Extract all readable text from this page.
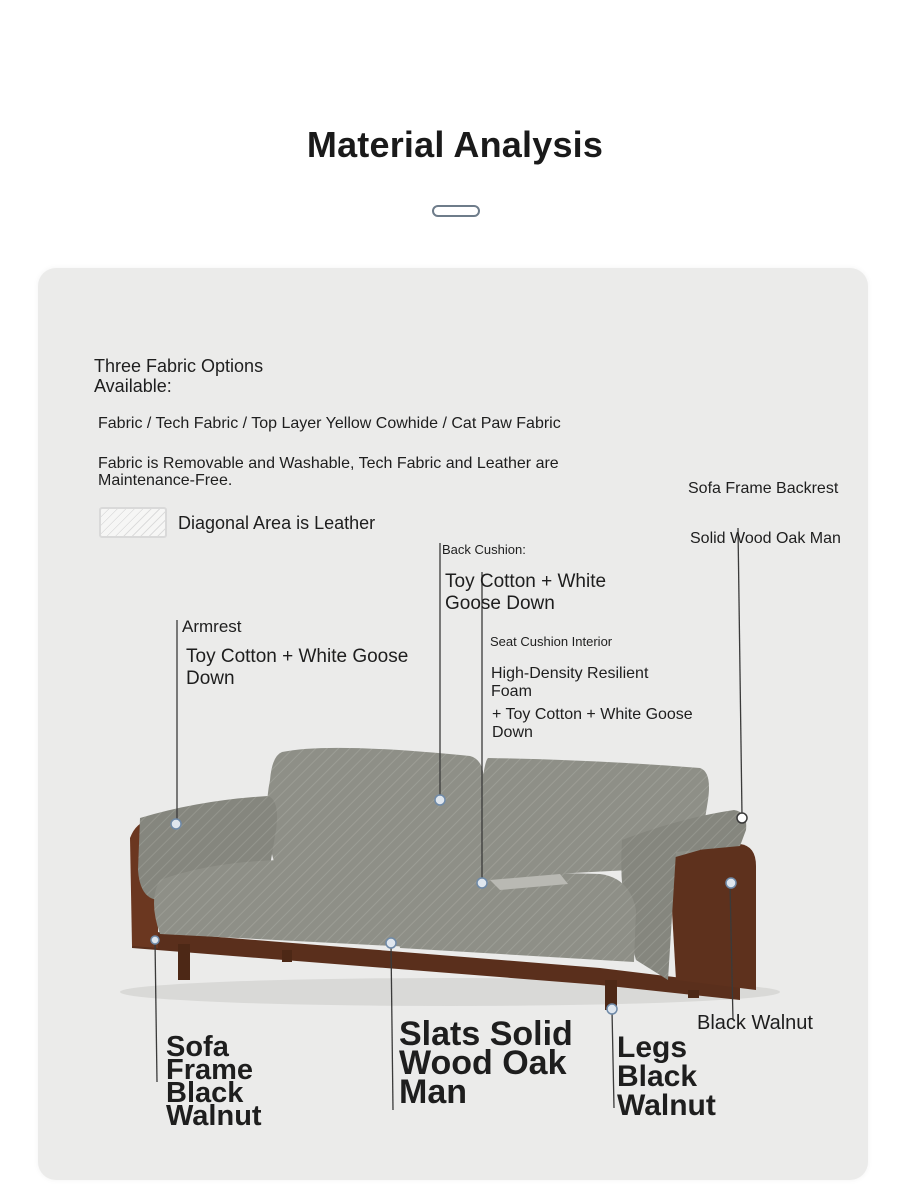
Material Analysis
Three Fabric Options Available:
Fabric / Tech Fabric / Top Layer Yellow Cowhide / Cat Paw Fabric
Fabric is Removable and Washable, Tech Fabric and Leather are Maintenance-Free.
Diagonal Area is Leather
Sofa Frame Backrest
Solid Wood Oak Man
Back Cushion:
Toy Cotton + White Goose Down
Armrest
Toy Cotton + White Goose Down
Seat Cushion Interior
High-Density Resilient Foam
+ Toy Cotton + White Goose Down
Black Walnut
Sofa Frame Black Walnut
Slats Solid Wood Oak Man
Legs Black Walnut
